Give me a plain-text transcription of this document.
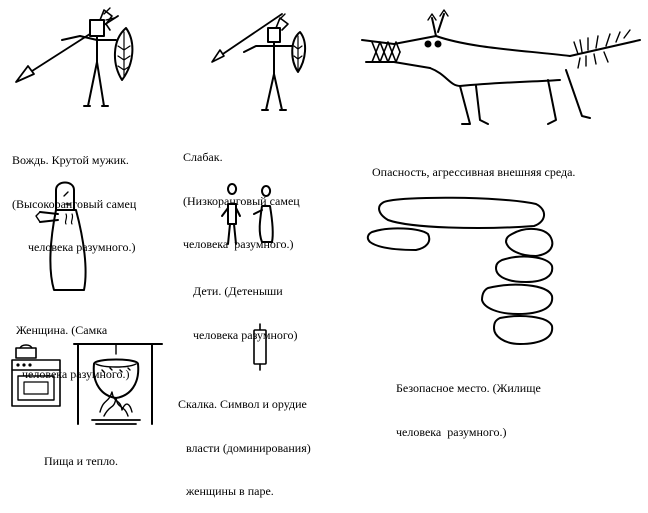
Вождь. Крутой мужик.

(Высокоранговый самец

человека разумного.)

Слабак.

(Низкоранговый самец

человека  разумного.)

Опасность, агрессивная внешняя среда.

Женщина. (Самка

человека разумного.)

Дети. (Детеныши

человека разумного)

Безопасное место. (Жилище

человека  разумного.)

Пища и тепло.

Скалка. Символ и орудие

власти (доминирования)

женщины в паре.
